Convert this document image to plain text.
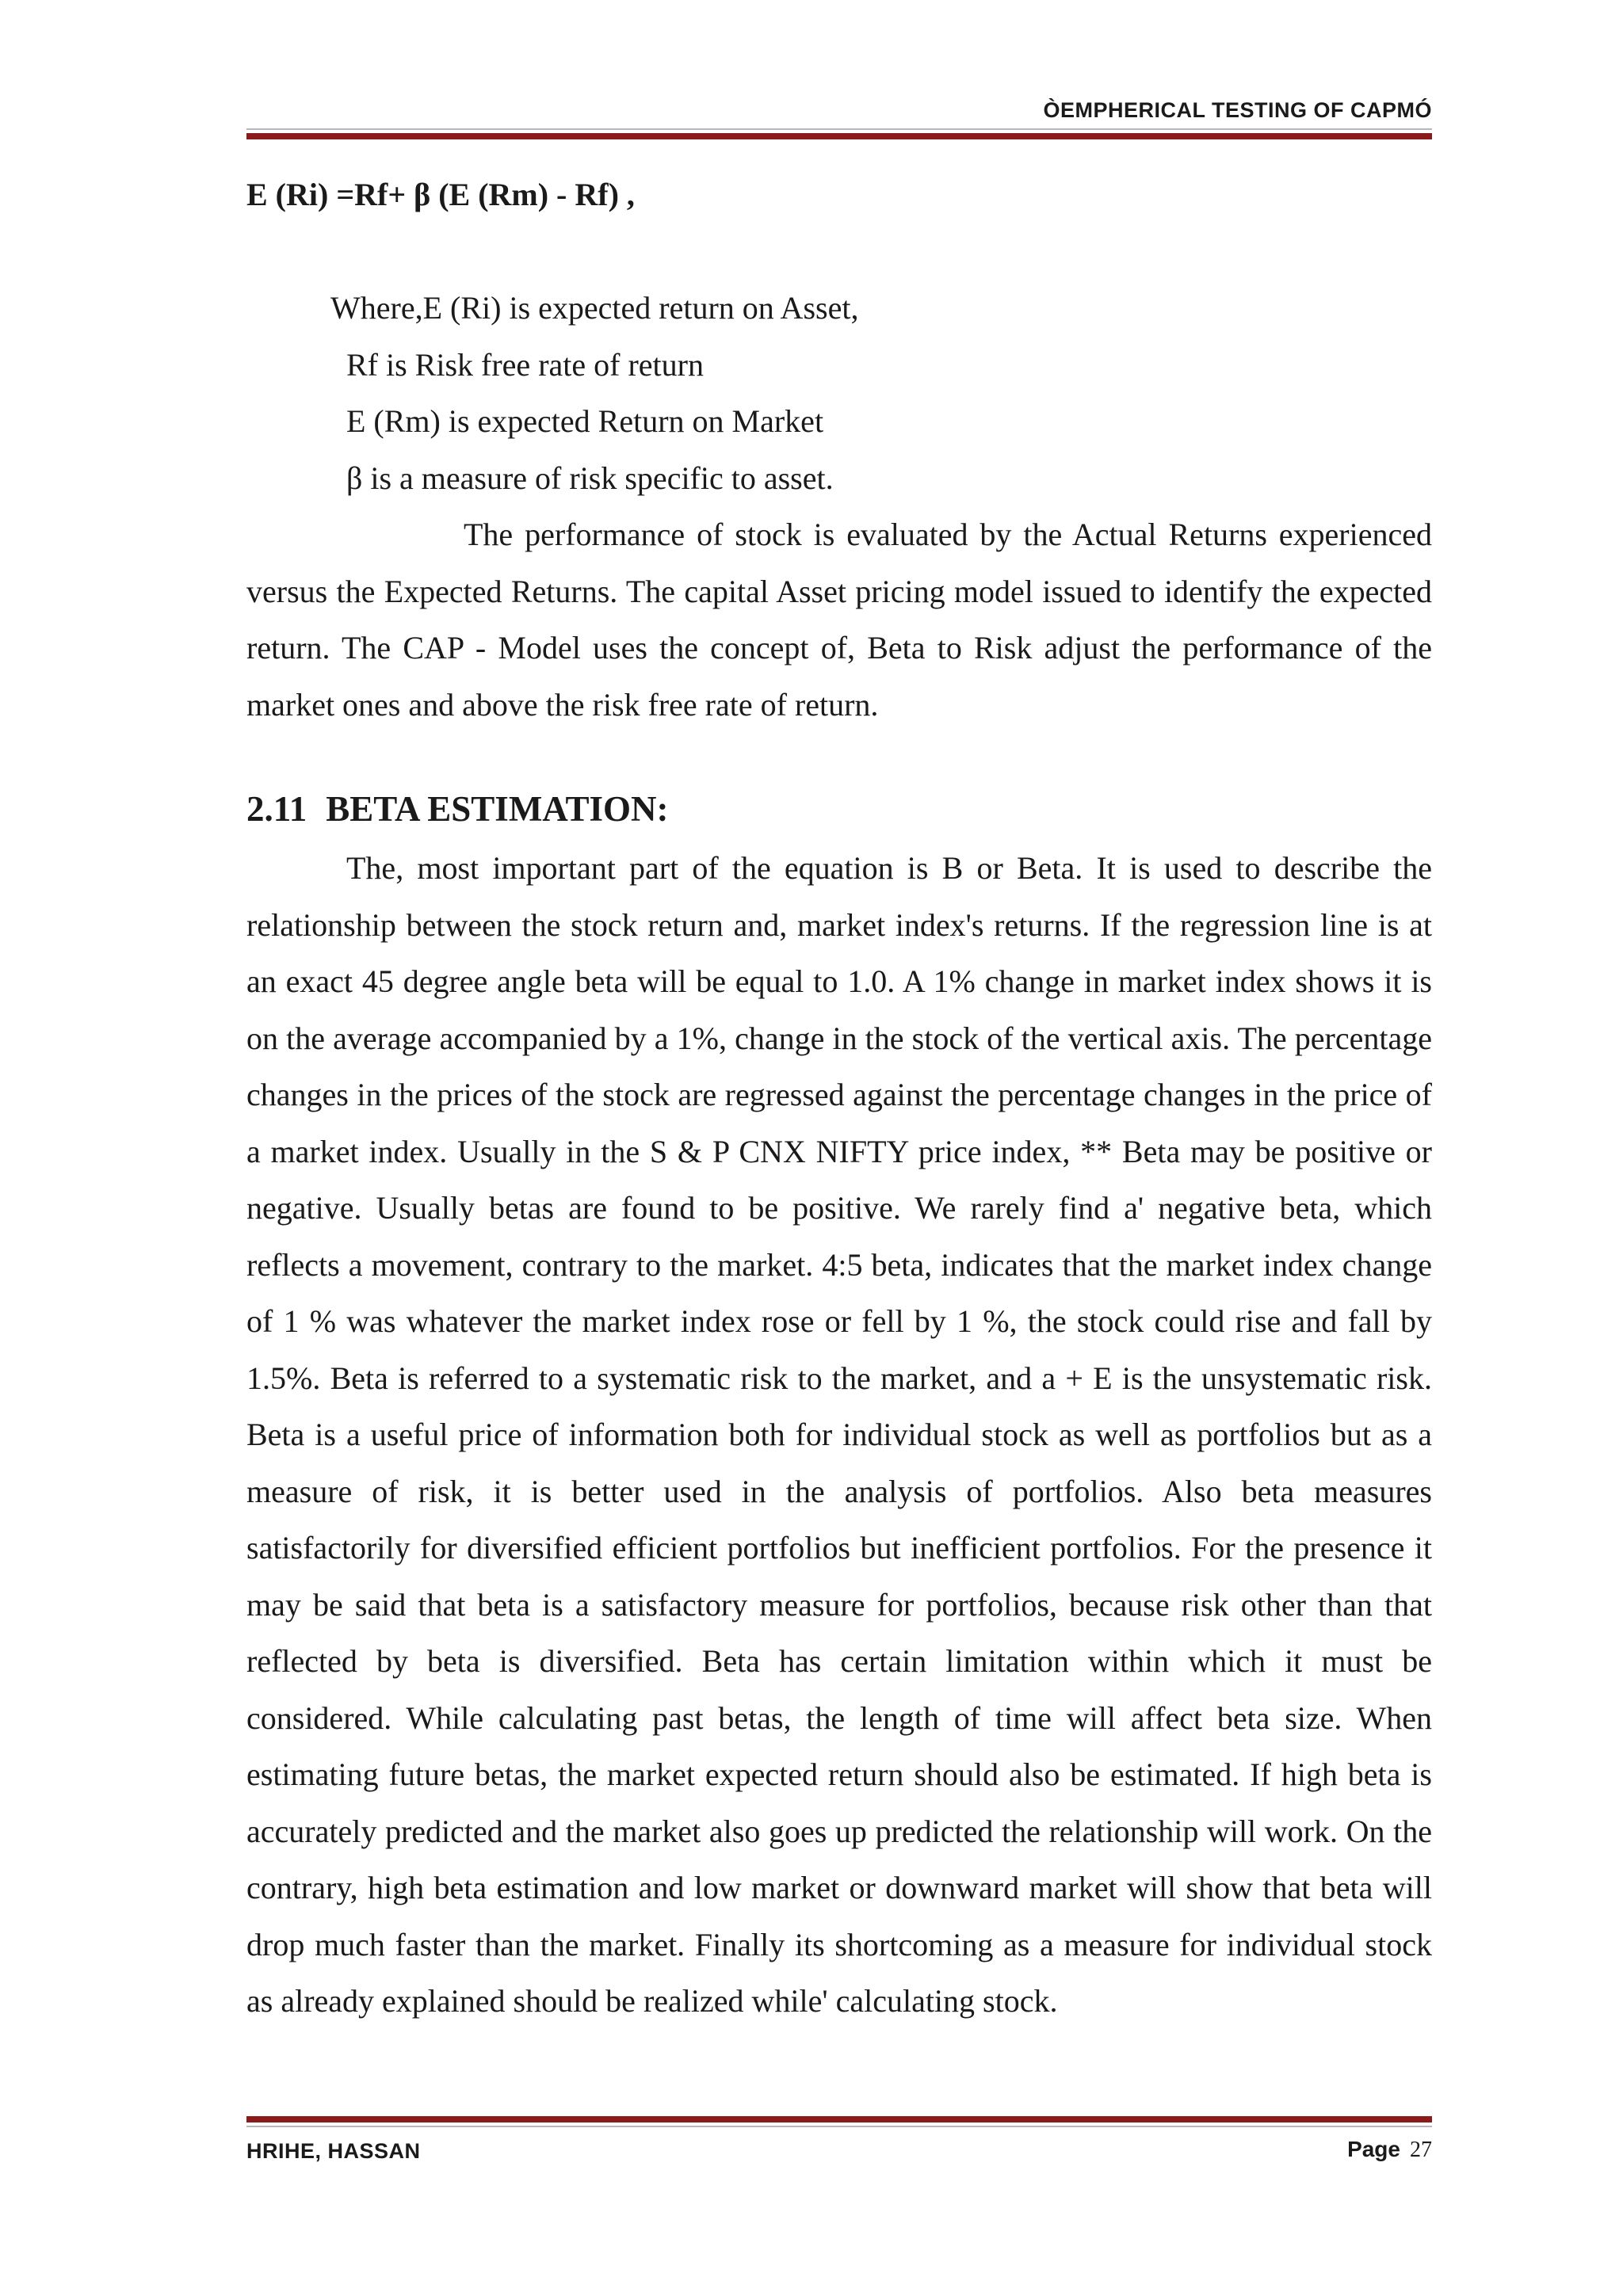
ÒEMPHERICAL TESTING OF CAPMÓ

E (Ri) =Rf+ β (E (Rm) - Rf) ,

Where,E (Ri) is expected return on Asset,

Rf is Risk free rate of return

E (Rm) is expected Return on Market

β is a measure of risk specific to asset.

The performance of stock is evaluated by the Actual Returns experienced versus the Expected Returns. The capital Asset pricing model issued to identify the expected return. The CAP - Model uses the concept of, Beta to Risk adjust the performance of the market ones and above the risk free rate of return.

2.11 BETA ESTIMATION:

The, most important part of the equation is B or Beta. It is used to describe the relationship between the stock return and, market index's returns. If the regression line is at an exact 45 degree angle beta will be equal to 1.0. A 1% change in market index shows it is on the average accompanied by a 1%, change in the stock of the vertical axis. The percentage changes in the prices of the stock are regressed against the percentage changes in the price of a market index. Usually in the S & P CNX NIFTY price index, ** Beta may be positive or negative. Usually betas are found to be positive. We rarely find a' negative beta, which reflects a movement, contrary to the market. 4:5 beta, indicates that the market index change of 1 % was whatever the market index rose or fell by 1 %, the stock could rise and fall by 1.5%. Beta is referred to a systematic risk to the market, and a + E is the unsystematic risk. Beta is a useful price of information both for individual stock as well as portfolios but as a measure of risk, it is better used in the analysis of portfolios. Also beta measures satisfactorily for diversified efficient portfolios but inefficient portfolios. For the presence it may be said that beta is a satisfactory measure for portfolios, because risk other than that reflected by beta is diversified. Beta has certain limitation within which it must be considered. While calculating past betas, the length of time will affect beta size. When estimating future betas, the market expected return should also be estimated. If high beta is accurately predicted and the market also goes up predicted the relationship will work. On the contrary, high beta estimation and low market or downward market will show that beta will drop much faster than the market. Finally its shortcoming as a measure for individual stock as already explained should be realized while' calculating stock.

HRIHE, HASSAN	Page 27
